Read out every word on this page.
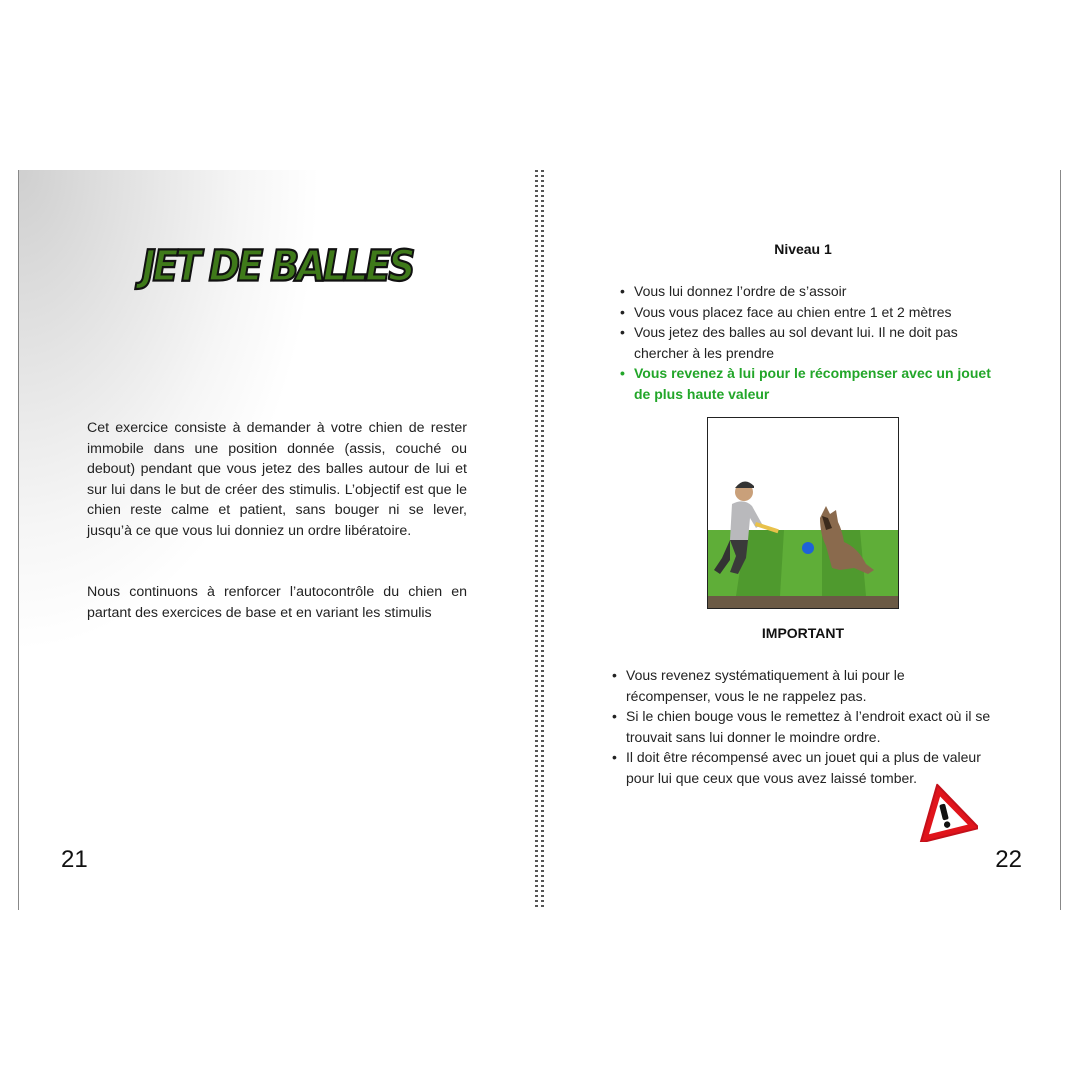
JET DE BALLES

Cet exercice consiste à demander à votre chien de rester immobile dans une position donnée (assis, couché ou debout) pendant que vous jetez des balles autour de lui et sur lui dans le but de créer des stimulis. L’objectif est que le chien reste calme et patient, sans bouger ni se lever, jusqu’à ce que vous lui donniez un ordre libératoire.

Nous continuons à renforcer l’autocontrôle du chien en partant des exercices de base et en variant les stimulis

21
Niveau 1
• Vous lui donnez l’ordre de s’assoir
• Vous vous placez face au chien entre 1 et 2 mètres
• Vous jetez des balles au sol devant lui. Il ne doit pas chercher à les prendre
• Vous revenez à lui pour le récompenser avec un jouet de plus haute valeur
IMPORTANT
• Vous revenez systématiquement à lui pour le récompenser, vous le ne rappelez pas.
• Si le chien bouge vous le remettez à l’endroit exact où il se trouvait sans lui donner le moindre ordre.
• Il doit être récompensé avec un jouet qui a plus de valeur pour lui que ceux que vous avez laissé tomber.
22
